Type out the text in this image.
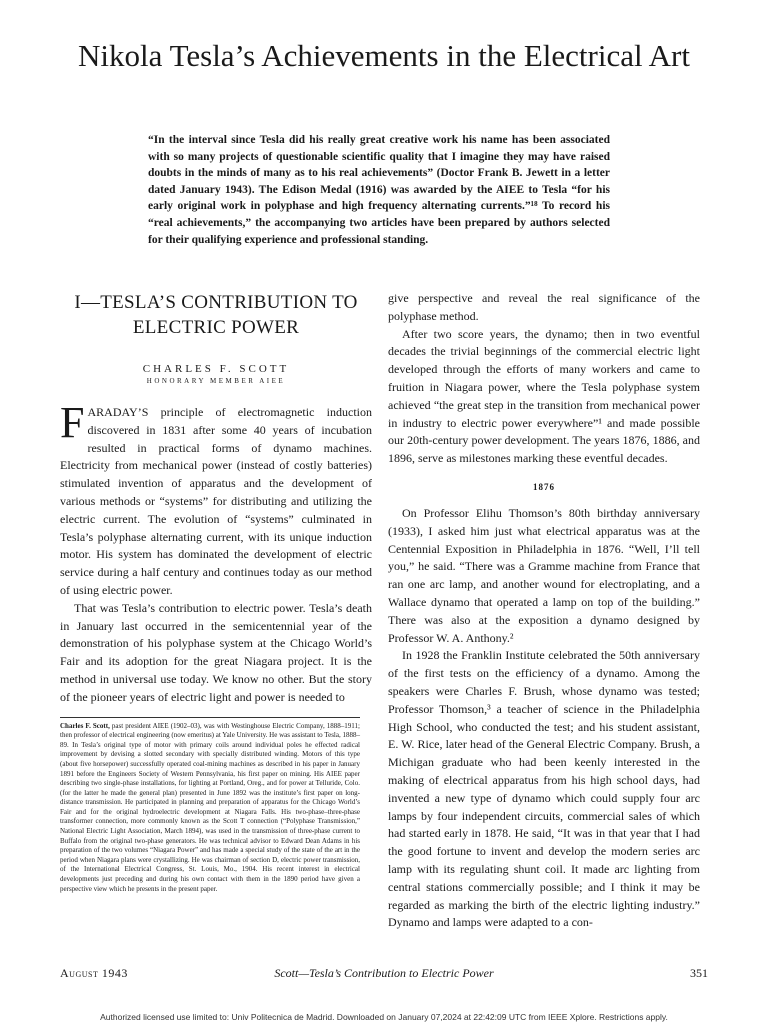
Nikola Tesla’s Achievements in the Electrical Art

“In the interval since Tesla did his really great creative work his name has been associated with so many projects of questionable scientific quality that I imagine they may have raised doubts in the minds of many as to his real achievements” (Doctor Frank B. Jewett in a letter dated January 1943). The Edison Medal (1916) was awarded by the AIEE to Tesla “for his early original work in polyphase and high frequency alternating currents.”¹⁸ To record his “real achievements,” the accompanying two articles have been prepared by authors selected for their qualifying experience and professional standing.

I—TESLA’S CONTRIBUTION TO ELECTRIC POWER

CHARLES F. SCOTT

HONORARY MEMBER AIEE

FARADAY’S principle of electromagnetic induction discovered in 1831 after some 40 years of incubation resulted in practical forms of dynamo machines. Electricity from mechanical power (instead of costly batteries) stimulated invention of apparatus and the development of various methods or “systems” for distributing and utilizing the electric current. The evolution of “systems” culminated in Tesla’s polyphase alternating current, with its unique induction motor. His system has dominated the development of electric service during a half century and continues today as our method of using electric power.

That was Tesla’s contribution to electric power. Tesla’s death in January last occurred in the semicentennial year of the demonstration of his polyphase system at the Chicago World’s Fair and its adoption for the great Niagara project. It is the method in universal use today. We know no other. But the story of the pioneer years of electric light and power is needed to

Charles F. Scott, past president AIEE (1902–03), was with Westinghouse Electric Company, 1888–1911; then professor of electrical engineering (now emeritus) at Yale University. He was assistant to Tesla, 1888–89. In Tesla’s original type of motor with primary coils around individual poles he effected radical improvement by devising a slotted secondary with specially distributed winding. Motors of this type (about five horsepower) successfully operated coal-mining machines as described in his paper in January 1891 before the Engineers Society of Western Pennsylvania, his first paper on mining. His AIEE paper describing two single-phase installations, for lighting at Portland, Oreg., and for power at Telluride, Colo. (for the latter he made the general plan) presented in June 1892 was the institute’s first paper on long-distance transmission. He participated in planning and preparation of apparatus for the Chicago World’s Fair and for the original hydroelectric development at Niagara Falls. His two-phase–three-phase transformer connection, more commonly known as the Scott T connection (“Polyphase Transmission,” National Electric Light Association, March 1894), was used in the transmission of three-phase current to Buffalo from the original two-phase generators. He was technical advisor to Edward Dean Adams in his preparation of the two volumes “Niagara Power” and has made a special study of the state of the art in the period when Niagara plans were crystallizing. He was chairman of section D, electric power transmission, of the International Electrical Congress, St. Louis, Mo., 1904. His recent interest in electrical developments just preceding and during his own contact with them in the 1890 period have given a perspective view which he presents in the present paper.

give perspective and reveal the real significance of the polyphase method.

After two score years, the dynamo; then in two eventful decades the trivial beginnings of the commercial electric light developed through the efforts of many workers and came to fruition in Niagara power, where the Tesla polyphase system achieved “the great step in the transition from mechanical power in industry to electric power everywhere”¹ and made possible our 20th-century power development. The years 1876, 1886, and 1896, serve as milestones marking these eventful decades.

1876

On Professor Elihu Thomson’s 80th birthday anniversary (1933), I asked him just what electrical apparatus was at the Centennial Exposition in Philadelphia in 1876. “Well, I’ll tell you,” he said. “There was a Gramme machine from France that ran one arc lamp, and another wound for electroplating, and a Wallace dynamo that operated a lamp on top of the building.” There was also at the exposition a dynamo designed by Professor W. A. Anthony.²

In 1928 the Franklin Institute celebrated the 50th anniversary of the first tests on the efficiency of a dynamo. Among the speakers were Charles F. Brush, whose dynamo was tested; Professor Thomson,³ a teacher of science in the Philadelphia High School, who conducted the test; and his student assistant, E. W. Rice, later head of the General Electric Company. Brush, a Michigan graduate who had been keenly interested in the making of electrical apparatus from his high school days, had invented a new type of dynamo which could supply four arc lamps by four independent circuits, commercial sales of which had started early in 1878. He said, “It was in that year that I had the good fortune to invent and develop the modern series arc lamp with its regulating shunt coil. It made arc lighting from central stations commercially possible; and I think it may be regarded as marking the birth of the electric lighting industry.” Dynamo and lamps were adapted to a con-

August 1943	Scott—Tesla’s Contribution to Electric Power	351
Authorized licensed use limited to: Univ Politecnica de Madrid. Downloaded on January 07,2024 at 22:42:09 UTC from IEEE Xplore. Restrictions apply.
